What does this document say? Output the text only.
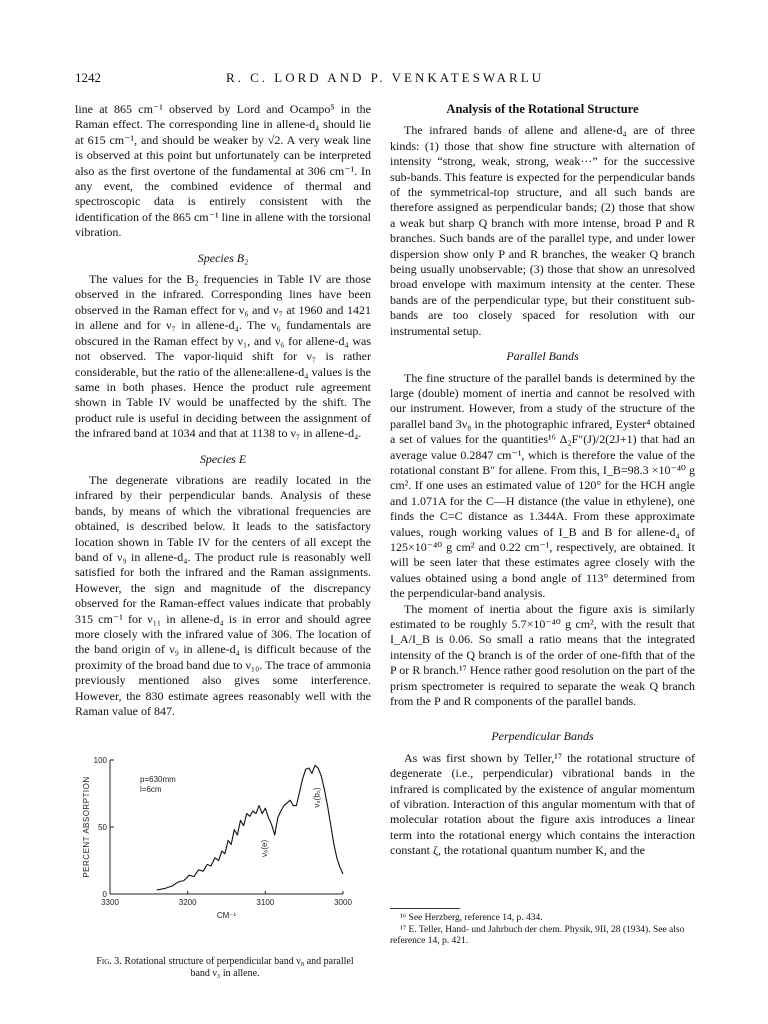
1242	R. C. LORD AND P. VENKATESWARLU

line at 865 cm⁻¹ observed by Lord and Ocampo⁵ in the Raman effect. The corresponding line in allene-d₄ should lie at 615 cm⁻¹, and should be weaker by √2. A very weak line is observed at this point but unfortunately can be interpreted also as the first overtone of the fundamental at 306 cm⁻¹. In any event, the combined evidence of thermal and spectroscopic data is entirely consistent with the identification of the 865 cm⁻¹ line in allene with the torsional vibration.

Species B₂

The values for the B₂ frequencies in Table IV are those observed in the infrared. Corresponding lines have been observed in the Raman effect for ν₆ and ν₇ at 1960 and 1421 in allene and for ν₇ in allene-d₄. The ν₆ fundamentals are obscured in the Raman effect by ν₁, and ν₆ for allene-d₄ was not observed. The vapor-liquid shift for ν₇ is rather considerable, but the ratio of the allene:allene-d₄ values is the same in both phases. Hence the product rule agreement shown in Table IV would be unaffected by the shift. The product rule is useful in deciding between the assignment of the infrared band at 1034 and that at 1138 to ν₇ in allene-d₄.

Species E

The degenerate vibrations are readily located in the infrared by their perpendicular bands. Analysis of these bands, by means of which the vibrational frequencies are obtained, is described below. It leads to the satisfactory location shown in Table IV for the centers of all except the band of ν₉ in allene-d₄. The product rule is reasonably well satisfied for both the infrared and the Raman assignments. However, the sign and magnitude of the discrepancy observed for the Raman-effect values indicate that probably 315 cm⁻¹ for ν₁₁ in allene-d₄ is in error and should agree more closely with the infrared value of 306. The location of the band origin of ν₉ in allene-d₄ is difficult because of the proximity of the broad band due to ν₁₀. The trace of ammonia previously mentioned also gives some interference. However, the 830 estimate agrees reasonably well with the Raman value of 847.

Analysis of the Rotational Structure

The infrared bands of allene and allene-d₄ are of three kinds: (1) those that show fine structure with alternation of intensity “strong, weak, strong, weak···” for the successive sub-bands. This feature is expected for the perpendicular bands of the symmetrical-top structure, and all such bands are therefore assigned as perpendicular bands; (2) those that show a weak but sharp Q branch with more intense, broad P and R branches. Such bands are of the parallel type, and under lower dispersion show only P and R branches, the weaker Q branch being usually unobservable; (3) those that show an unresolved broad envelope with maximum intensity at the center. These bands are of the perpendicular type, but their constituent sub-bands are too closely spaced for resolution with our instrumental setup.

Parallel Bands

The fine structure of the parallel bands is determined by the large (double) moment of inertia and cannot be resolved with our instrument. However, from a study of the structure of the parallel band 3ν₈ in the photographic infrared, Eyster⁴ obtained a set of values for the quantities¹⁶ Δ₂F″(J)/2(2J+1) that had an average value 0.2847 cm⁻¹, which is therefore the value of the rotational constant B″ for allene. From this, I_B=98.3 ×10⁻⁴⁰ g cm². If one uses an estimated value of 120° for the HCH angle and 1.071A for the C—H distance (the value in ethylene), one finds the C=C distance as 1.344A. From these approximate values, rough working values of I_B and B for allene-d₄ of 125×10⁻⁴⁰ g cm² and 0.22 cm⁻¹, respectively, are obtained. It will be seen later that these estimates agree closely with the values obtained using a bond angle of 113° determined from the perpendicular-band analysis.

The moment of inertia about the figure axis is similarly estimated to be roughly 5.7×10⁻⁴⁰ g cm², with the result that I_A/I_B is 0.06. So small a ratio means that the integrated intensity of the Q branch is of the order of one-fifth that of the P or R branch.¹⁷ Hence rather good resolution on the part of the prism spectrometer is required to separate the weak Q branch from the P and R components of the parallel bands.

Perpendicular Bands

As was first shown by Teller,¹⁷ the rotational structure of degenerate (i.e., perpendicular) vibrational bands in the infrared is complicated by the existence of angular momentum of vibration. Interaction of this angular momentum with that of molecular rotation about the figure axis introduces a linear term into the rotational energy which contains the interaction constant ζ, the rotational quantum number K, and the

¹⁶ See Herzberg, reference 14, p. 434.
¹⁷ E. Teller, Hand- und Jahrbuch der chem. Physik, 9II, 28 (1934). See also reference 14, p. 421.
0
50
100
3300	3200	3100	3000
CM⁻¹
PERCENT ABSORPTION	p=630mm
l=6cm
ν₈(e)
ν₃(b₂)
Fig. 3. Rotational structure of perpendicular band ν₈ and parallel band ν₃ in allene.
